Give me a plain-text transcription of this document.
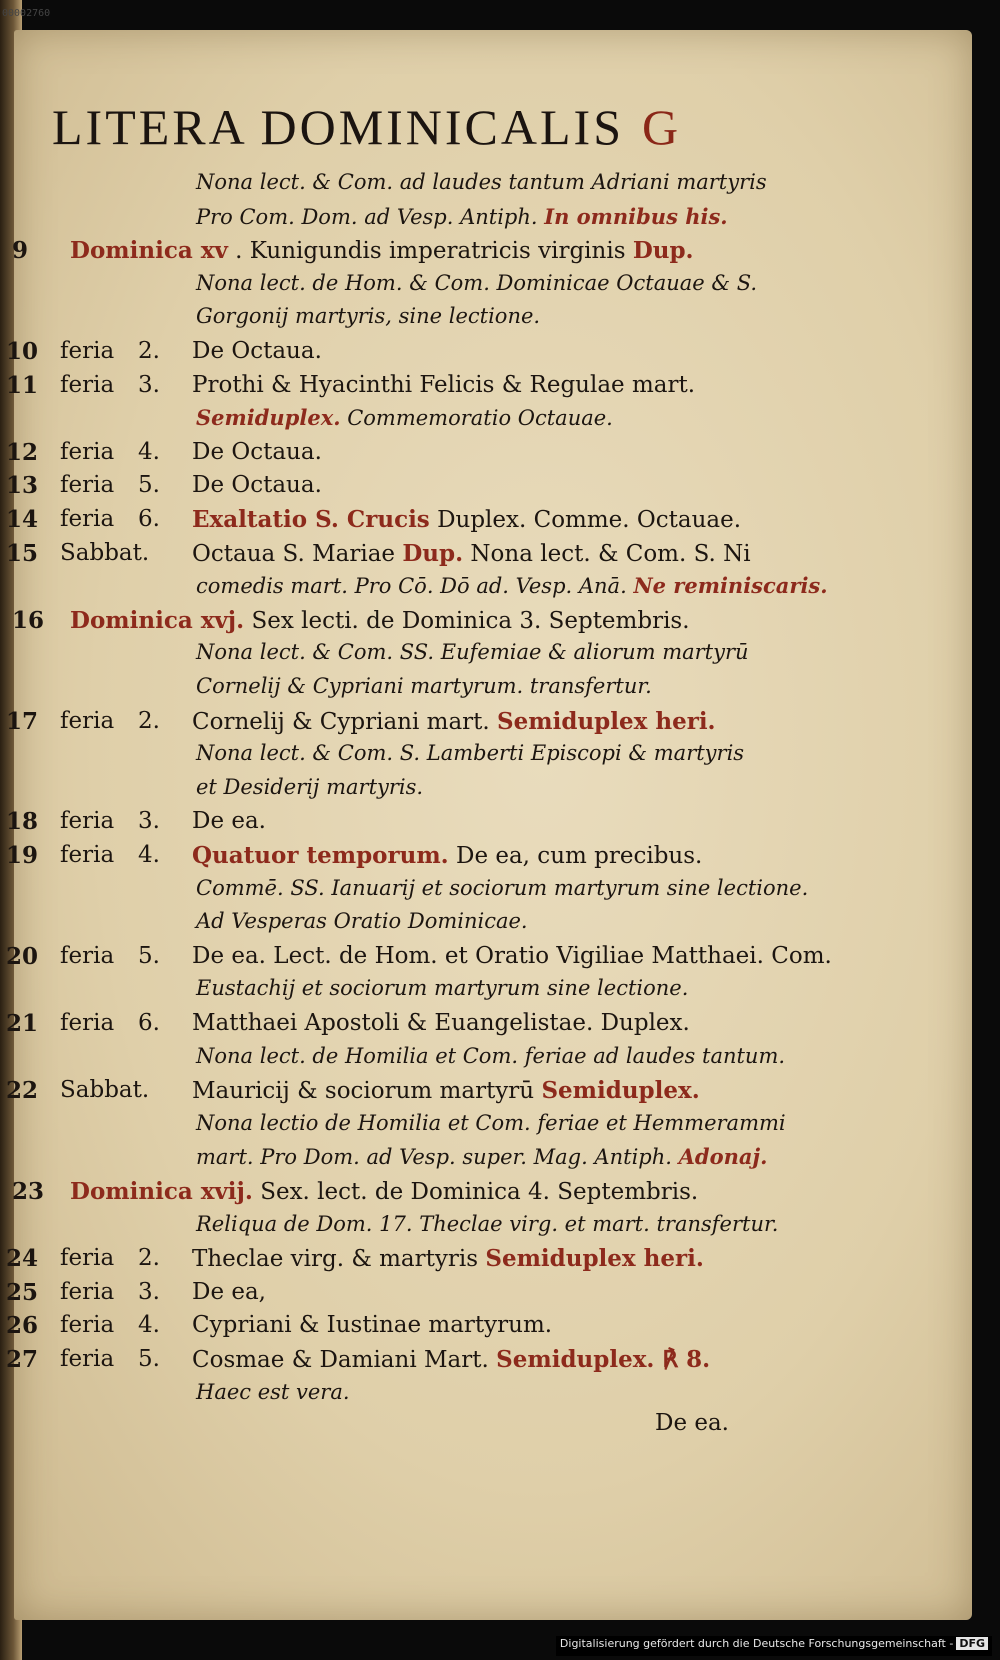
00002760
LITERA DOMINICALIS G
Nona lect. & Com. ad laudes tantum Adriani martyris
Pro Com. Dom. ad Vesp. Antiph. In omnibus his.
9 Dominica xv . Kunigundis imperatricis virginis Dup.
Nona lect. de Hom. & Com. Dominicae Octauae & S.
Gorgonij martyris, sine lectione.
10 feria	2.	De Octaua.
11 feria	3.	Prothi & Hyacinthi Felicis & Regulae mart.
Semiduplex. Commemoratio Octauae.
12 feria	4.	De Octaua.
13 feria	5.	De Octaua.
14 feria	6.	Exaltatio S. Crucis Duplex. Comme. Octauae.
15 Sabbat.	Octaua S. Mariae Dup. Nona lect. & Com. S. Ni
comedis mart. Pro Cō. Dō ad. Vesp. Anā. Ne reminiscaris.
16 Dominica xvj. Sex lecti. de Dominica 3. Septembris.
Nona lect. & Com. SS. Eufemiae & aliorum martyrū
Cornelij & Cypriani martyrum. transfertur.
17 feria	2.	Cornelij & Cypriani mart. Semiduplex heri.
Nona lect. & Com. S. Lamberti Episcopi & martyris
et Desiderij martyris.
18 feria	3.	De ea.
19 feria	4.	Quatuor temporum. De ea, cum precibus.
Commē. SS. Ianuarij et sociorum martyrum sine lectione.
Ad Vesperas Oratio Dominicae.
20 feria	5.	De ea. Lect. de Hom. et Oratio Vigiliae Matthaei. Com.
Eustachij et sociorum martyrum sine lectione.
21 feria	6.	Matthaei Apostoli & Euangelistae. Duplex.
Nona lect. de Homilia et Com. feriae ad laudes tantum.
22 Sabbat.	Mauricij & sociorum martyrū Semiduplex.
Nona lectio de Homilia et Com. feriae et Hemmerammi
mart. Pro Dom. ad Vesp. super. Mag. Antiph. Adonaj.
23 Dominica xvij. Sex. lect. de Dominica 4. Septembris.
Reliqua de Dom. 17. Theclae virg. et mart. transfertur.
24 feria	2.	Theclae virg. & martyris Semiduplex heri.
25 feria	3.	De ea,
26 feria	4.	Cypriani & Iustinae martyrum.
27 feria	5.	Cosmae & Damiani Mart. Semiduplex. ℟ 8.
Haec est vera.
De ea.
Digitalisierung gefördert durch die Deutsche Forschungsgemeinschaft - DFG
